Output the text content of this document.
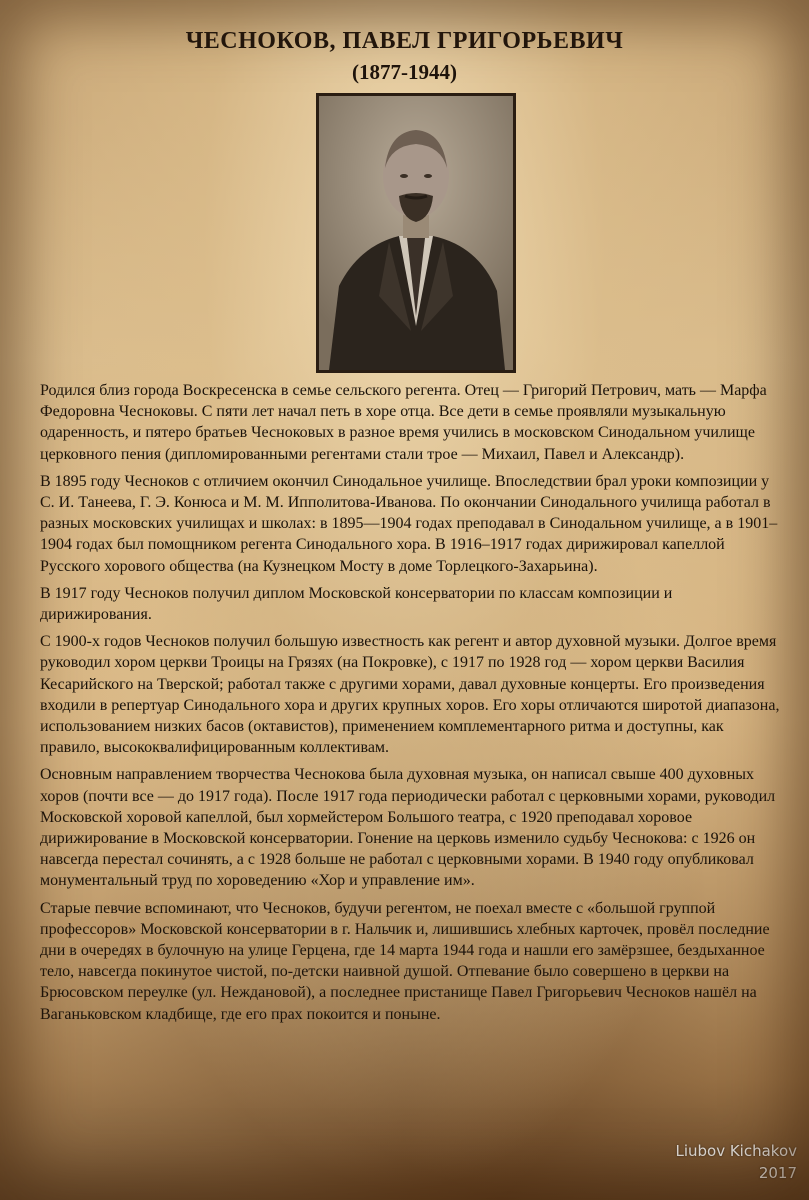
ЧЕСНОКОВ, ПАВЕЛ ГРИГОРЬЕВИЧ
(1877-1944)

Родился близ города Воскресенска в семье сельского регента. Отец — Григорий Петрович, мать — Марфа Федоровна Чесноковы. С пяти лет начал петь в хоре отца. Все дети в семье проявляли музыкальную одаренность, и пятеро братьев Чесноковых в разное время учились в московском Синодальном училище церковного пения (дипломированными регентами стали трое — Михаил, Павел и Александр).

В 1895 году Чесноков с отличием окончил Синодальное училище. Впоследствии брал уроки композиции у С. И. Танеева, Г. Э. Конюса и М. М. Ипполитова-Иванова. По окончании Синодального училища работал в разных московских училищах и школах: в 1895—1904 годах преподавал в Синодальном училище, а в 1901–1904 годах был помощником регента Синодального хора. В 1916–1917 годах дирижировал капеллой Русского хорового общества (на Кузнецком Мосту в доме Торлецкого-Захарьина).

В 1917 году Чесноков получил диплом Московской консерватории по классам композиции и дирижирования.

С 1900-х годов Чесноков получил большую известность как регент и автор духовной музыки. Долгое время руководил хором церкви Троицы на Грязях (на Покровке), с 1917 по 1928 год — хором церкви Василия Кесарийского на Тверской; работал также с другими хорами, давал духовные концерты. Его произведения входили в репертуар Синодального хора и других крупных хоров. Его хоры отличаются широтой диапазона, использованием низких басов (октавистов), применением комплементарного ритма и доступны, как правило, высококвалифицированным коллективам.

Основным направлением творчества Чеснокова была духовная музыка, он написал свыше 400 духовных хоров (почти все — до 1917 года). После 1917 года периодически работал с церковными хорами, руководил Московской хоровой капеллой, был хормейстером Большого театра, с 1920 преподавал хоровое дирижирование в Московской консерватории. Гонение на церковь изменило судьбу Чеснокова: с 1926 он навсегда перестал сочинять, а с 1928 больше не работал с церковными хорами. В 1940 году опубликовал монументальный труд по хороведению «Хор и управление им».

Старые певчие вспоминают, что Чесноков, будучи регентом, не поехал вместе с «большой группой профессоров» Московской консерватории в г. Нальчик и, лишившись хлебных карточек, провёл последние дни в очередях в булочную на улице Герцена, где 14 марта 1944 года и нашли его замёрзшее, бездыханное тело, навсегда покинутое чистой, по-детски наивной душой. Отпевание было совершено в церкви на Брюсовском переулке (ул. Неждановой), а последнее пристанище Павел Григорьевич Чесноков нашёл на Ваганьковском кладбище, где его прах покоится и поныне.

Liubov Kichakov
2017
